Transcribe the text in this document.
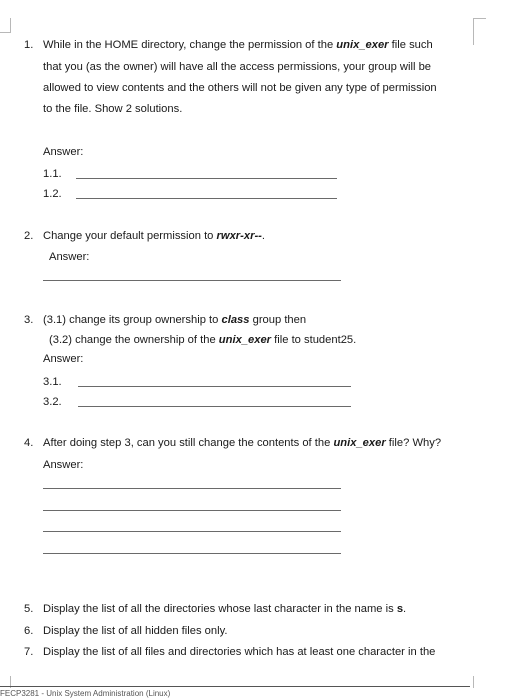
1. While in the HOME directory, change the permission of the unix_exer file such
that you (as the owner) will have all the access permissions, your group will be
allowed to view contents and the others will not be given any type of permission
to the file. Show 2 solutions.
Answer:
1.1.
1.2.
2. Change your default permission to rwxr-xr--.
Answer:
3. (3.1) change its group ownership to class group then
(3.2) change the ownership of the unix_exer file to student25.
Answer:
3.1.
3.2.
4. After doing step 3, can you still change the contents of the unix_exer file? Why?
Answer:
5. Display the list of all the directories whose last character in the name is s.
6. Display the list of all hidden files only.
7. Display the list of all files and directories which has at least one character in the
FECP3281 - Unix System Administration (Linux)
